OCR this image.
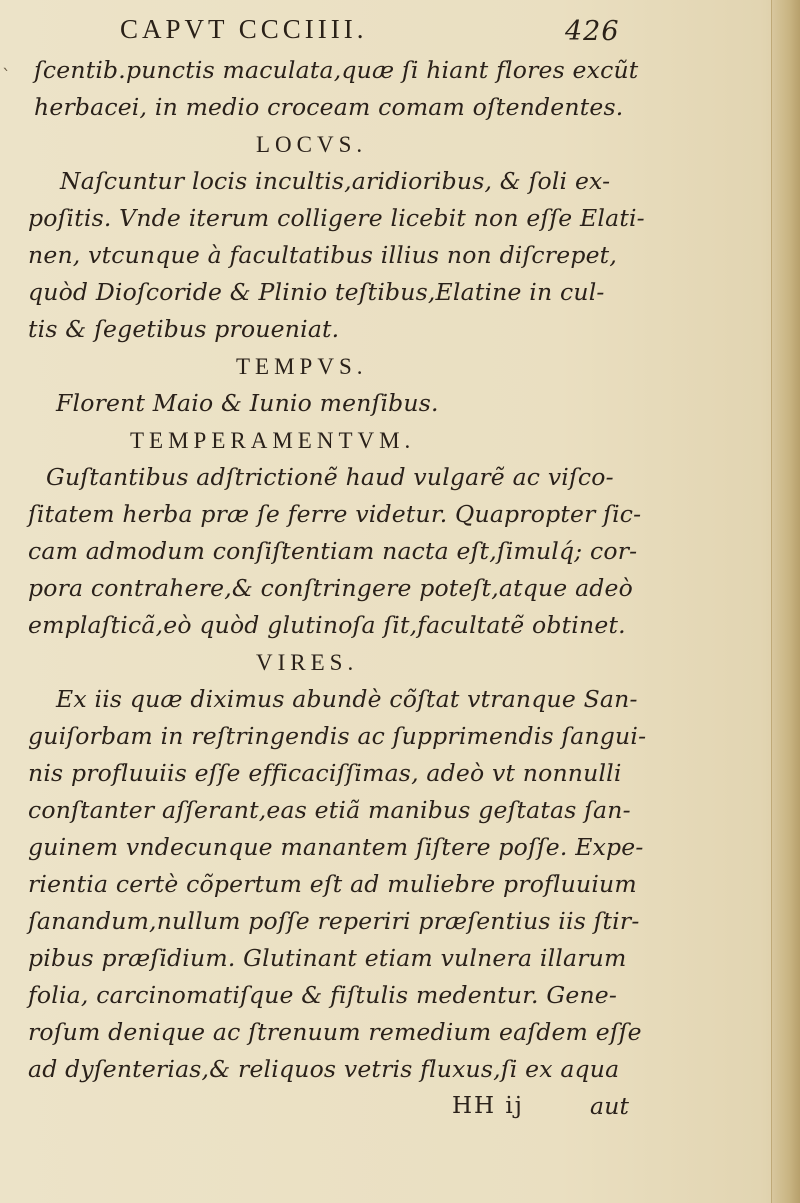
CAPVT CCCIIII.	426
ˋ ſcentib.punctis maculata,quæ ſi hiant flores excũt
herbacei, in medio croceam comam oſtendentes.
LOCVS.
Naſcuntur locis incultis,aridioribus, & ſoli ex-
poſitis. Vnde iterum colligere licebit non eſſe Elati-
nen, vtcunque à facultatibus illius non diſcrepet,
quòd Dioſcoride & Plinio teſtibus,Elatine in cul-
tis & ſegetibus proueniat.
TEMPVS.
Florent Maio & Iunio menſibus.
TEMPERAMENTVM.
Guſtantibus adſtrictionẽ haud vulgarẽ ac viſco-
ſitatem herba præ ſe ferre videtur. Quapropter ſic-
cam admodum conſiſtentiam nacta eſt,ſimulq́; cor-
pora contrahere,& conſtringere poteſt,atque adeò
emplaſticã,eò quòd glutinoſa ſit,facultatẽ obtinet.
VIRES.
Ex iis quæ diximus abundè cõſtat vtranque San-
guiſorbam in reſtringendis ac ſupprimendis ſangui-
nis profluuiis eſſe efficaciſſimas, adeò vt nonnulli
conſtanter aſſerant,eas etiã manibus geſtatas ſan-
guinem vndecunque manantem ſiſtere poſſe. Expe-
rientia certè cõpertum eſt ad muliebre profluuium
ſanandum,nullum poſſe reperiri præſentius iis ſtir-
pibus præſidium. Glutinant etiam vulnera illarum
folia, carcinomatiſque & fiſtulis medentur. Gene-
roſum denique ac ſtrenuum remedium eaſdem eſſe
ad dyſenterias,& reliquos vetris fluxus,ſi ex aqua
HH ij	aut
